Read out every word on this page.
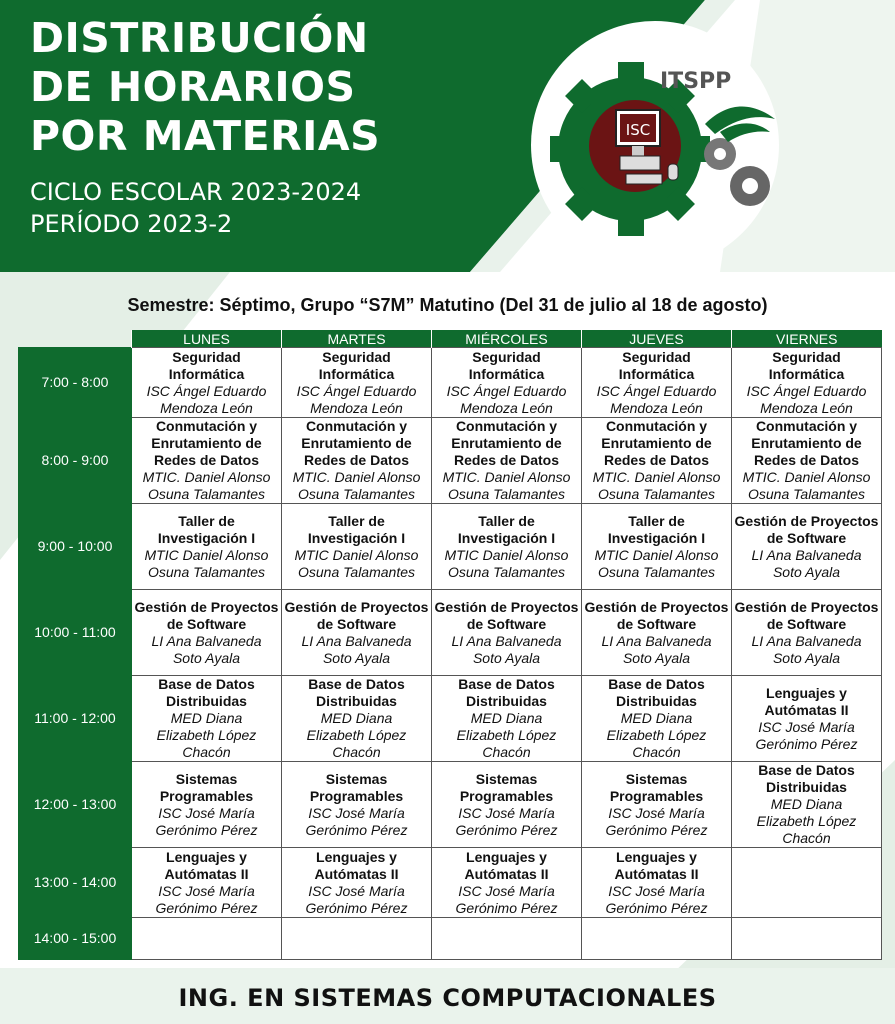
DISTRIBUCIÓN
DE HORARIOS
POR MATERIAS
CICLO ESCOLAR 2023-2024
PERÍODO 2023-2
ISC
ITSPP
Semestre: Séptimo, Grupo “S7M” Matutino (Del 31 de julio al 18 de agosto)
	LUNES	MARTES	MIÉRCOLES	JUEVES	VIERNES
7:00 - 8:00	Seguridad Informática
ISC Ángel Eduardo
Mendoza León	Seguridad Informática
ISC Ángel Eduardo
Mendoza León	Seguridad Informática
ISC Ángel Eduardo
Mendoza León	Seguridad Informática
ISC Ángel Eduardo
Mendoza León	Seguridad Informática
ISC Ángel Eduardo
Mendoza León

8:00 - 9:00	Conmutación y Enrutamiento de Redes de Datos
MTIC. Daniel Alonso
Osuna Talamantes	Conmutación y Enrutamiento de Redes de Datos
MTIC. Daniel Alonso
Osuna Talamantes	Conmutación y Enrutamiento de Redes de Datos
MTIC. Daniel Alonso
Osuna Talamantes	Conmutación y Enrutamiento de Redes de Datos
MTIC. Daniel Alonso
Osuna Talamantes	Conmutación y Enrutamiento de Redes de Datos
MTIC. Daniel Alonso
Osuna Talamantes

9:00 - 10:00	Taller de Investigación I
MTIC Daniel Alonso
Osuna Talamantes	Taller de Investigación I
MTIC Daniel Alonso
Osuna Talamantes	Taller de Investigación I
MTIC Daniel Alonso
Osuna Talamantes	Taller de Investigación I
MTIC Daniel Alonso
Osuna Talamantes	Gestión de Proyectos de Software
LI Ana Balvaneda
Soto Ayala

10:00 - 11:00	Gestión de Proyectos de Software
LI Ana Balvaneda
Soto Ayala	Gestión de Proyectos de Software
LI Ana Balvaneda
Soto Ayala	Gestión de Proyectos de Software
LI Ana Balvaneda
Soto Ayala	Gestión de Proyectos de Software
LI Ana Balvaneda
Soto Ayala	Gestión de Proyectos de Software
LI Ana Balvaneda
Soto Ayala

11:00 - 12:00	Base de Datos Distribuidas
MED Diana
Elizabeth López
Chacón	Base de Datos Distribuidas
MED Diana
Elizabeth López
Chacón	Base de Datos Distribuidas
MED Diana
Elizabeth López
Chacón	Base de Datos Distribuidas
MED Diana
Elizabeth López
Chacón	Lenguajes y Autómatas II
ISC José María
Gerónimo Pérez

12:00 - 13:00	Sistemas Programables
ISC José María
Gerónimo Pérez	Sistemas Programables
ISC José María
Gerónimo Pérez	Sistemas Programables
ISC José María
Gerónimo Pérez	Sistemas Programables
ISC José María
Gerónimo Pérez	Base de Datos Distribuidas
MED Diana
Elizabeth López
Chacón

13:00 - 14:00	Lenguajes y Autómatas II
ISC José María
Gerónimo Pérez	Lenguajes y Autómatas II
ISC José María
Gerónimo Pérez	Lenguajes y Autómatas II
ISC José María
Gerónimo Pérez	Lenguajes y Autómatas II
ISC José María
Gerónimo Pérez	

14:00 - 15:00					
ING. EN SISTEMAS COMPUTACIONALES
